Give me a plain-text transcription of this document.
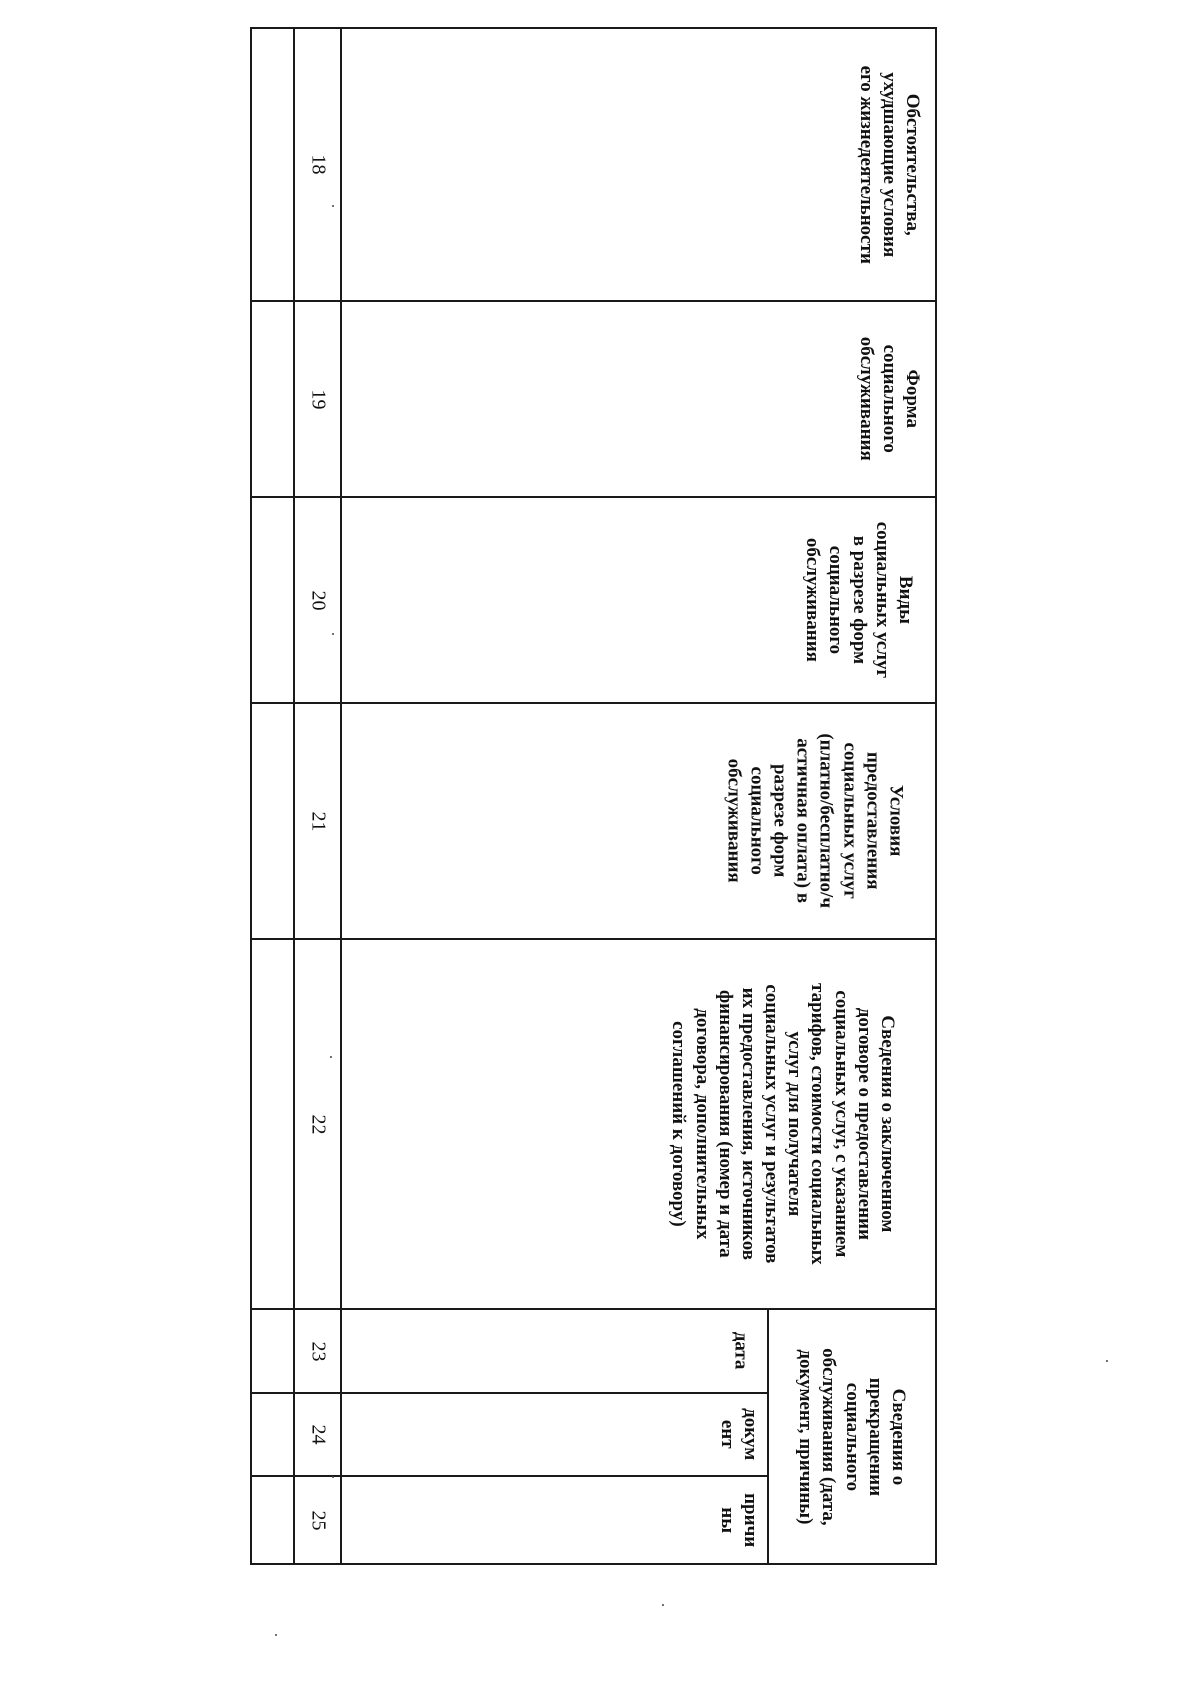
Обстоятельства,
ухудшающие условия
его жизнедеятельности
Форма
социального
обслуживания
Виды
социальных услуг
в разрезе форм
социального
обслуживания
Условия
предоставления
социальных услуг
(платно/бесплатно/ч
астичная оплата) в
разрезе форм
социального
обслуживания
Сведения о заключенном
договоре о предоставлении
социальных услуг, с указанием
тарифов, стоимости социальных
услуг для получателя
социальных услуг и результатов
их предоставления, источников
финансирования (номер и дата
договора, дополнительных
соглашений к договору)
Сведения о
прекращении
социального
обслуживания (дата,
документ, причины)
дата
докум
ент
причи
ны
18
19
20
21
22
23
24
25
